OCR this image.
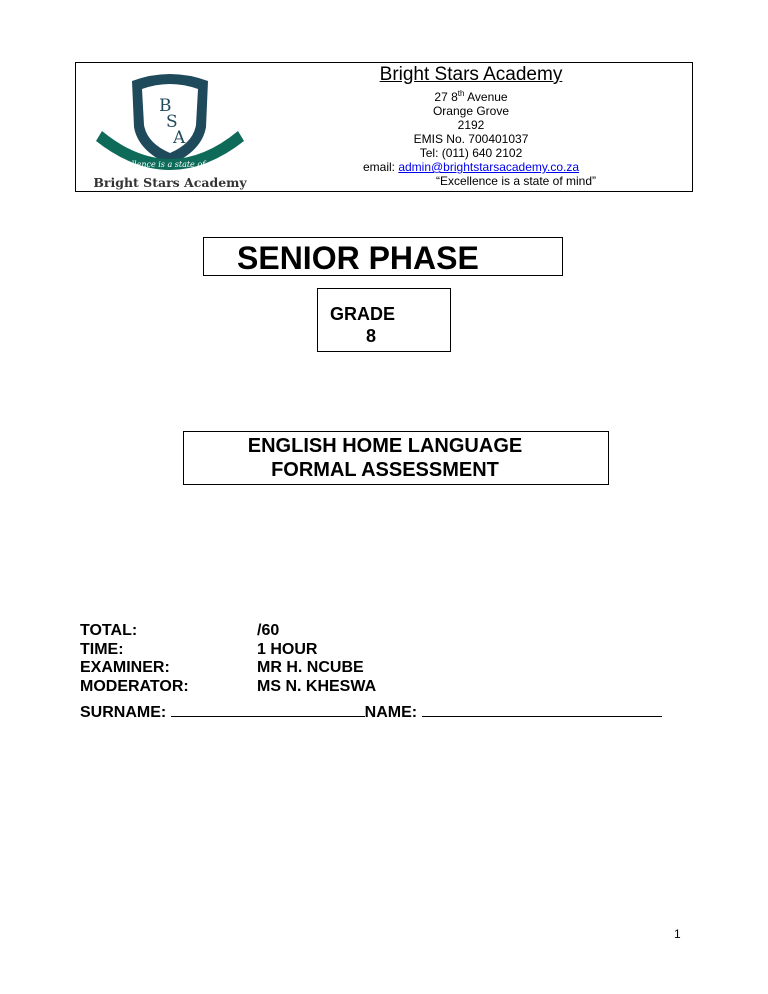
Excellence is a state of mind
B
S
A
Bright Stars Academy
Bright Stars Academy
27 8th Avenue
Orange Grove
2192
EMIS No. 700401037
Tel: (011) 640 2102
email: admin@brightstarsacademy.co.za
“Excellence is a state of mind”
SENIOR PHASE
GRADE
8
ENGLISH HOME LANGUAGE
FORMAL ASSESSMENT
TOTAL:	/60
TIME:	1 HOUR
EXAMINER:	MR H. NCUBE
MODERATOR:	MS N. KHESWA
SURNAME:	NAME:
1
